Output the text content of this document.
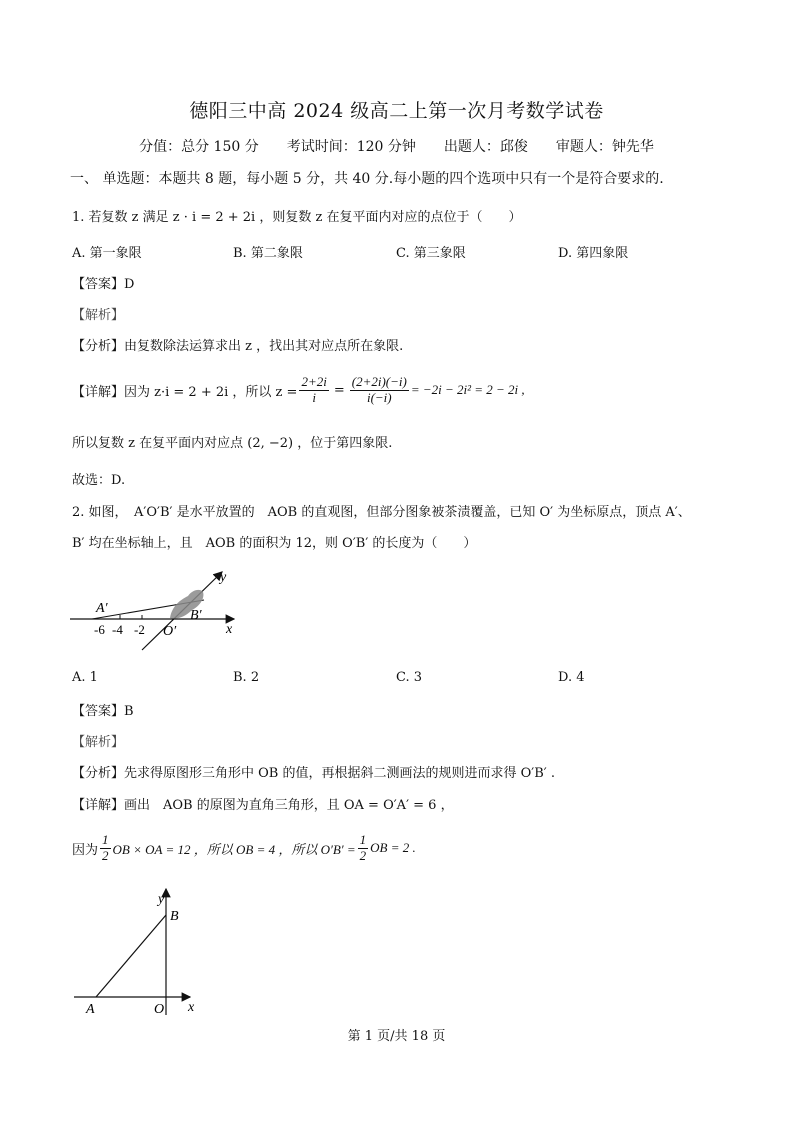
德阳三中高 2024 级高二上第一次月考数学试卷
分值：总分 150 分　　考试时间：120 分钟　　出题人：邱俊　　审题人：钟先华
一、 单选题：本题共 8 题，每小题 5 分，共 40 分.每小题的四个选项中只有一个是符合要求的.
1. 若复数 z 满足 z · i = 2 + 2i ，则复数 z 在复平面内对应的点位于（　　）
A. 第一象限	B. 第二象限	C. 第三象限	D. 第四象限
【答案】D
【解析】
【分析】由复数除法运算求出 z ，找出其对应点所在象限.
【详解】因为 z·i = 2 + 2i ，所以 $z = \frac{2+2i}{i} = \frac{(2+2i)(-i)}{i(-i)} = -2i - 2i^2 = 2 - 2i$ ,
所以复数 z 在复平面内对应点 (2, −2) ，位于第四象限.
故选：D.
2. 如图，　A′O′B′ 是水平放置的　AOB 的直观图，但部分图象被茶渍覆盖，已知 O′ 为坐标原点，顶点 A′、
B′ 均在坐标轴上，且　AOB 的面积为 12，则 O′B′ 的长度为（　　）
-6 -4 -2
A′	B′
O′
y
x
A. 1	B. 2	C. 3	D. 4
【答案】B
【解析】
【分析】先求得原图形三角形中 OB 的值，再根据斜二测画法的规则进而求得 O′B′ .
【详解】画出　AOB 的原图为直角三角形，且 OA = O′A′ = 6 ，
因为 $\frac{1}{2}$ OB × OA = 12 ，所以 OB = 4 ，所以 $O'B' = \frac{1}{2}$ OB = 2 .
y
B
A	O x
第 1 页/共 18 页
